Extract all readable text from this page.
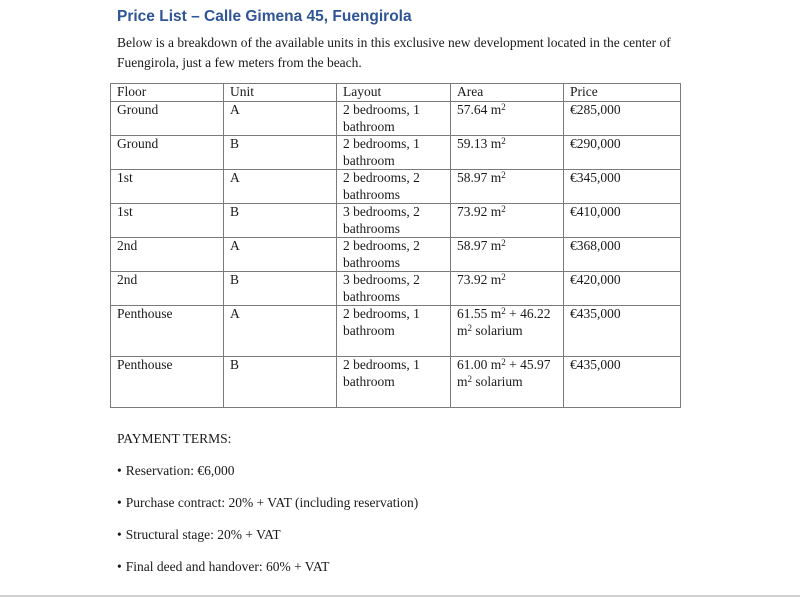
Price List – Calle Gimena 45, Fuengirola

Below is a breakdown of the available units in this exclusive new development located in the center of Fuengirola, just a few meters from the beach.

Floor	Unit	Layout	Area	Price
Ground	A	2 bedrooms, 1 bathroom	57.64 $m^2$	€285,000
Ground	B	2 bedrooms, 1 bathroom	59.13 $m^2$	€290,000
1st	A	2 bedrooms, 2 bathrooms	58.97 $m^2$	€345,000
1st	B	3 bedrooms, 2 bathrooms	73.92 $m^2$	€410,000
2nd	A	2 bedrooms, 2 bathrooms	58.97 $m^2$	€368,000
2nd	B	3 bedrooms, 2 bathrooms	73.92 $m^2$	€420,000
Penthouse	A	2 bedrooms, 1 bathroom	61.55 $m^2 + 46.22$ $m^2$ solarium	€435,000
Penthouse	B	2 bedrooms, 1 bathroom	61.00 $m^2 + 45.97$ $m^2$ solarium	€435,000

PAYMENT TERMS:

• Reservation: €6,000
• Purchase contract: 20% + VAT (including reservation)
• Structural stage: 20% + VAT
• Final deed and handover: 60% + VAT
